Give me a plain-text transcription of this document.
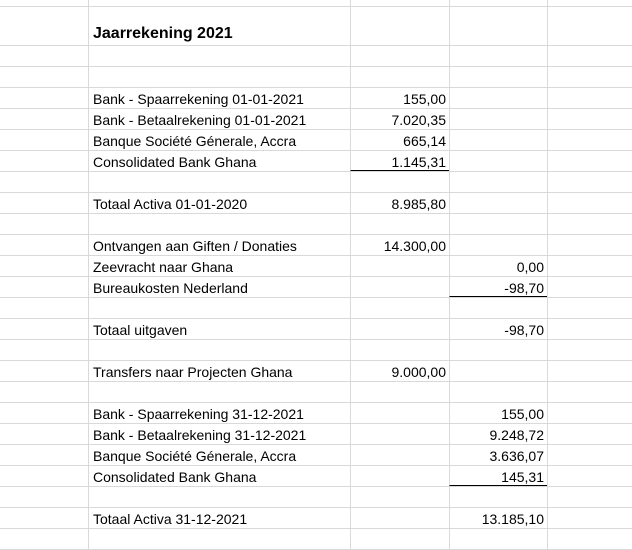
Jaarrekening 2021
Bank - Spaarrekening 01-01-2021	155,00
Bank - Betaalrekening 01-01-2021	7.020,35
Banque Société Génerale, Accra	665,14
Consolidated Bank Ghana	1.145,31
Totaal Activa 01-01-2020	8.985,80
Ontvangen aan Giften / Donaties	14.300,00
Zeevracht naar Ghana	0,00
Bureaukosten Nederland	-98,70
Totaal uitgaven	-98,70
Transfers naar Projecten Ghana	9.000,00
Bank - Spaarrekening 31-12-2021	155,00
Bank - Betaalrekening 31-12-2021	9.248,72
Banque Société Génerale, Accra	3.636,07
Consolidated Bank Ghana	145,31
Totaal Activa 31-12-2021	13.185,10
